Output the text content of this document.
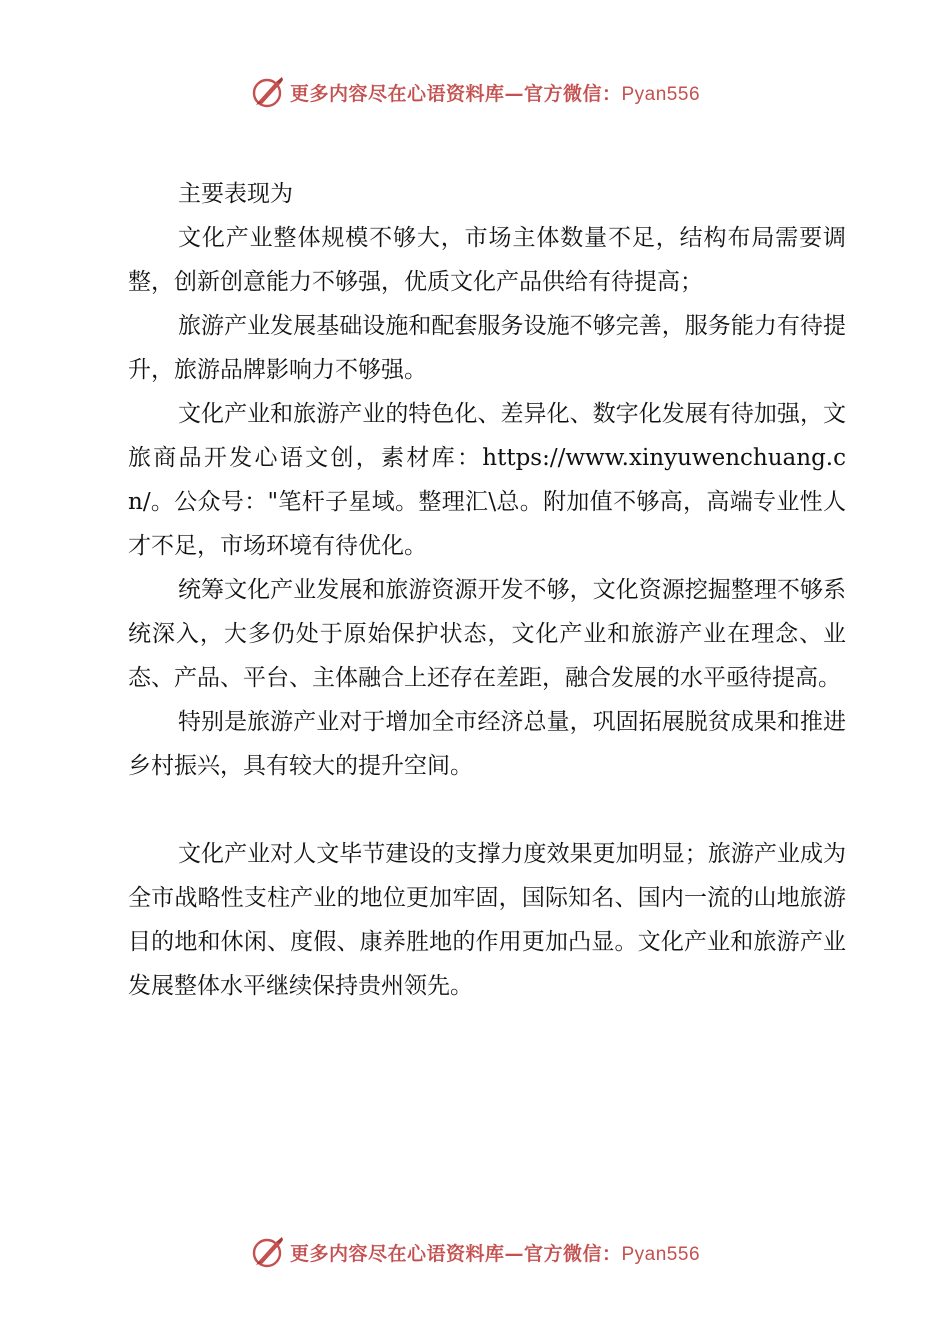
更多内容尽在心语资料库—官方微信：Pyan556

主要表现为

文化产业整体规模不够大，市场主体数量不足，结构布局需要调整，创新创意能力不够强，优质文化产品供给有待提高；

旅游产业发展基础设施和配套服务设施不够完善，服务能力有待提升，旅游品牌影响力不够强。

文化产业和旅游产业的特色化、差异化、数字化发展有待加强，文旅商品开发心语文创，素材库：https://www.xinyuwenchuang.cn/。公众号："笔杆子星域。整理汇\总。附加值不够高，高端专业性人才不足，市场环境有待优化。

统筹文化产业发展和旅游资源开发不够，文化资源挖掘整理不够系统深入，大多仍处于原始保护状态，文化产业和旅游产业在理念、业态、产品、平台、主体融合上还存在差距，融合发展的水平亟待提高。

特别是旅游产业对于增加全市经济总量，巩固拓展脱贫成果和推进乡村振兴，具有较大的提升空间。

文化产业对人文毕节建设的支撑力度效果更加明显；旅游产业成为全市战略性支柱产业的地位更加牢固，国际知名、国内一流的山地旅游目的地和休闲、度假、康养胜地的作用更加凸显。文化产业和旅游产业发展整体水平继续保持贵州领先。

更多内容尽在心语资料库—官方微信：Pyan556
